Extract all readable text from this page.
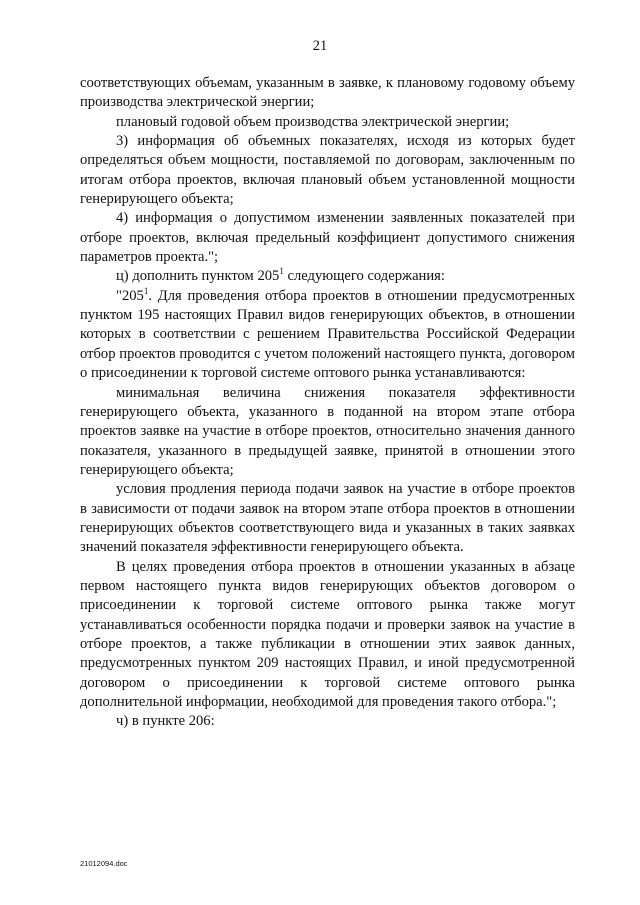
21

соответствующих объемам, указанным в заявке, к плановому годовому объему производства электрической энергии;

плановый годовой объем производства электрической энергии;

3) информация об объемных показателях, исходя из которых будет определяться объем мощности, поставляемой по договорам, заключенным по итогам отбора проектов, включая плановый объем установленной мощности генерирующего объекта;

4) информация о допустимом изменении заявленных показателей при отборе проектов, включая предельный коэффициент допустимого снижения параметров проекта.";

ц) дополнить пунктом $205^1$ следующего содержания:

"$205^1$. Для проведения отбора проектов в отношении предусмотренных пунктом 195 настоящих Правил видов генерирующих объектов, в отношении которых в соответствии с решением Правительства Российской Федерации отбор проектов проводится с учетом положений настоящего пункта, договором о присоединении к торговой системе оптового рынка устанавливаются:

минимальная величина снижения показателя эффективности генерирующего объекта, указанного в поданной на втором этапе отбора проектов заявке на участие в отборе проектов, относительно значения данного показателя, указанного в предыдущей заявке, принятой в отношении этого генерирующего объекта;

условия продления периода подачи заявок на участие в отборе проектов в зависимости от подачи заявок на втором этапе отбора проектов в отношении генерирующих объектов соответствующего вида и указанных в таких заявках значений показателя эффективности генерирующего объекта.

В целях проведения отбора проектов в отношении указанных в абзаце первом настоящего пункта видов генерирующих объектов договором о присоединении к торговой системе оптового рынка также могут устанавливаться особенности порядка подачи и проверки заявок на участие в отборе проектов, а также публикации в отношении этих заявок данных, предусмотренных пунктом 209 настоящих Правил, и иной предусмотренной договором о присоединении к торговой системе оптового рынка дополнительной информации, необходимой для проведения такого отбора.";

ч) в пункте 206:

21012094.doc
